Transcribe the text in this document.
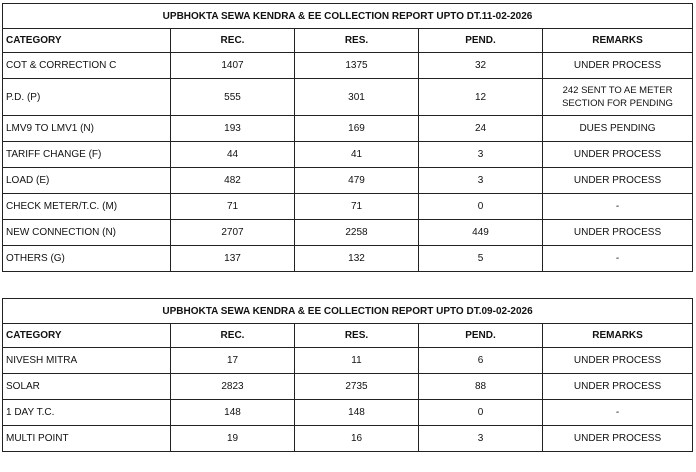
UPBHOKTA SEWA KENDRA & EE COLLECTION REPORT UPTO DT.11-02-2026				
CATEGORY	REC.	RES.	PEND.	REMARKS
COT & CORRECTION C	1407	1375	32	UNDER PROCESS
P.D. (P)	555	301	12	242 SENT TO AE METER SECTION FOR PENDING
LMV9 TO LMV1 (N)	193	169	24	DUES PENDING
TARIFF CHANGE (F)	44	41	3	UNDER PROCESS
LOAD (E)	482	479	3	UNDER PROCESS
CHECK METER/T.C. (M)	71	71	0	-
NEW CONNECTION (N)	2707	2258	449	UNDER PROCESS
OTHERS (G)	137	132	5	-
UPBHOKTA SEWA KENDRA & EE COLLECTION REPORT UPTO DT.09-02-2026				
CATEGORY	REC.	RES.	PEND.	REMARKS
NIVESH MITRA	17	11	6	UNDER PROCESS
SOLAR	2823	2735	88	UNDER PROCESS
1 DAY T.C.	148	148	0	-
MULTI POINT	19	16	3	UNDER PROCESS
